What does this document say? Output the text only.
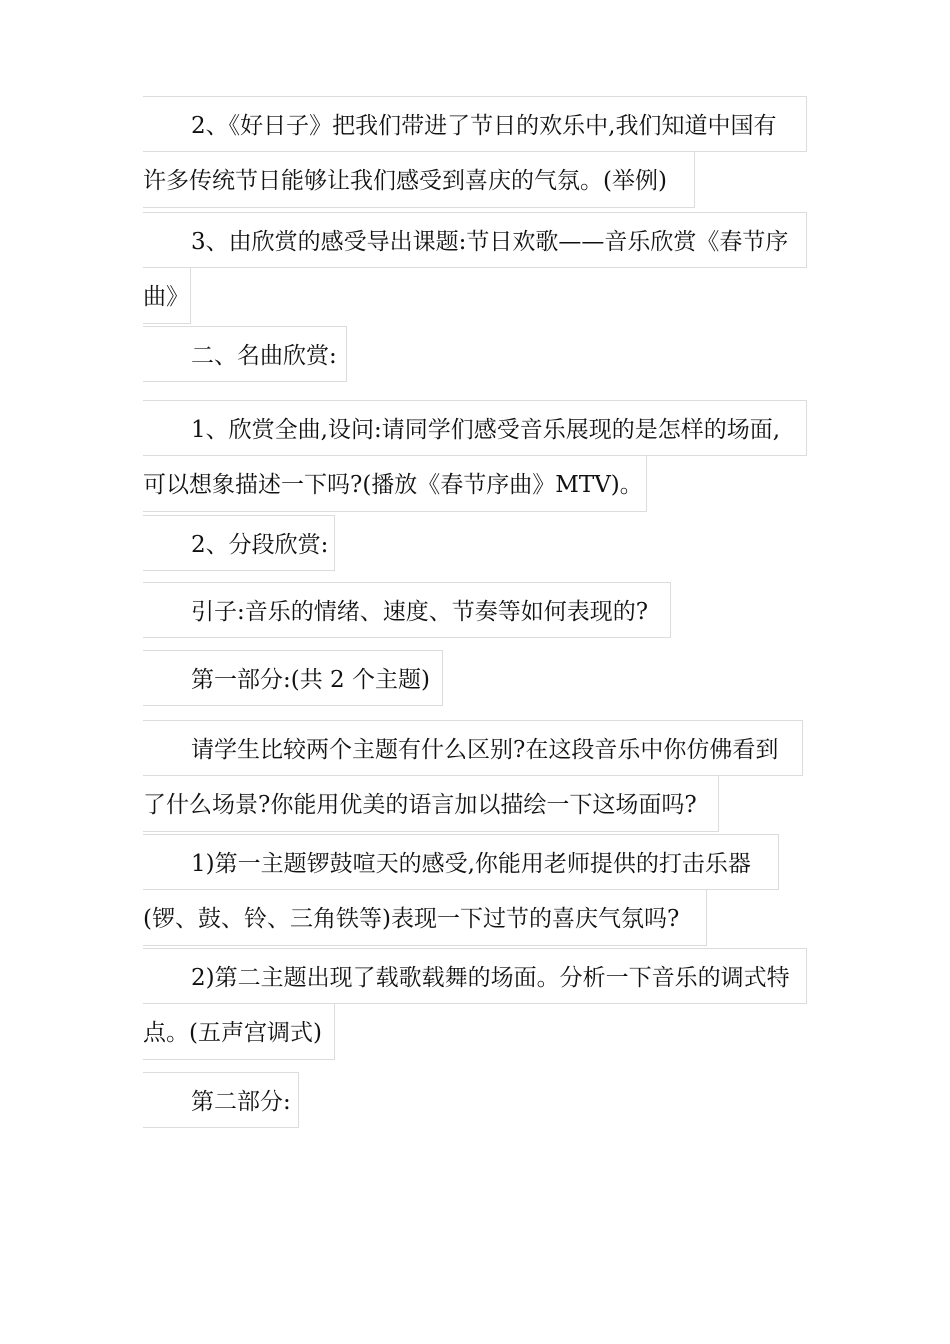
2、《好日子》把我们带进了节日的欢乐中,我们知道中国有
许多传统节日能够让我们感受到喜庆的气氛。(举例)
3、由欣赏的感受导出课题:节日欢歌——音乐欣赏《春节序
曲》
二、名曲欣赏:
1、欣赏全曲,设问:请同学们感受音乐展现的是怎样的场面,
可以想象描述一下吗?(播放《春节序曲》MTV)。
2、分段欣赏:
引子:音乐的情绪、速度、节奏等如何表现的?
第一部分:(共 2 个主题)
请学生比较两个主题有什么区别?在这段音乐中你仿佛看到
了什么场景?你能用优美的语言加以描绘一下这场面吗?
1)第一主题锣鼓喧天的感受,你能用老师提供的打击乐器
(锣、鼓、铃、三角铁等)表现一下过节的喜庆气氛吗?
2)第二主题出现了载歌载舞的场面。分析一下音乐的调式特
点。(五声宫调式)
第二部分:
